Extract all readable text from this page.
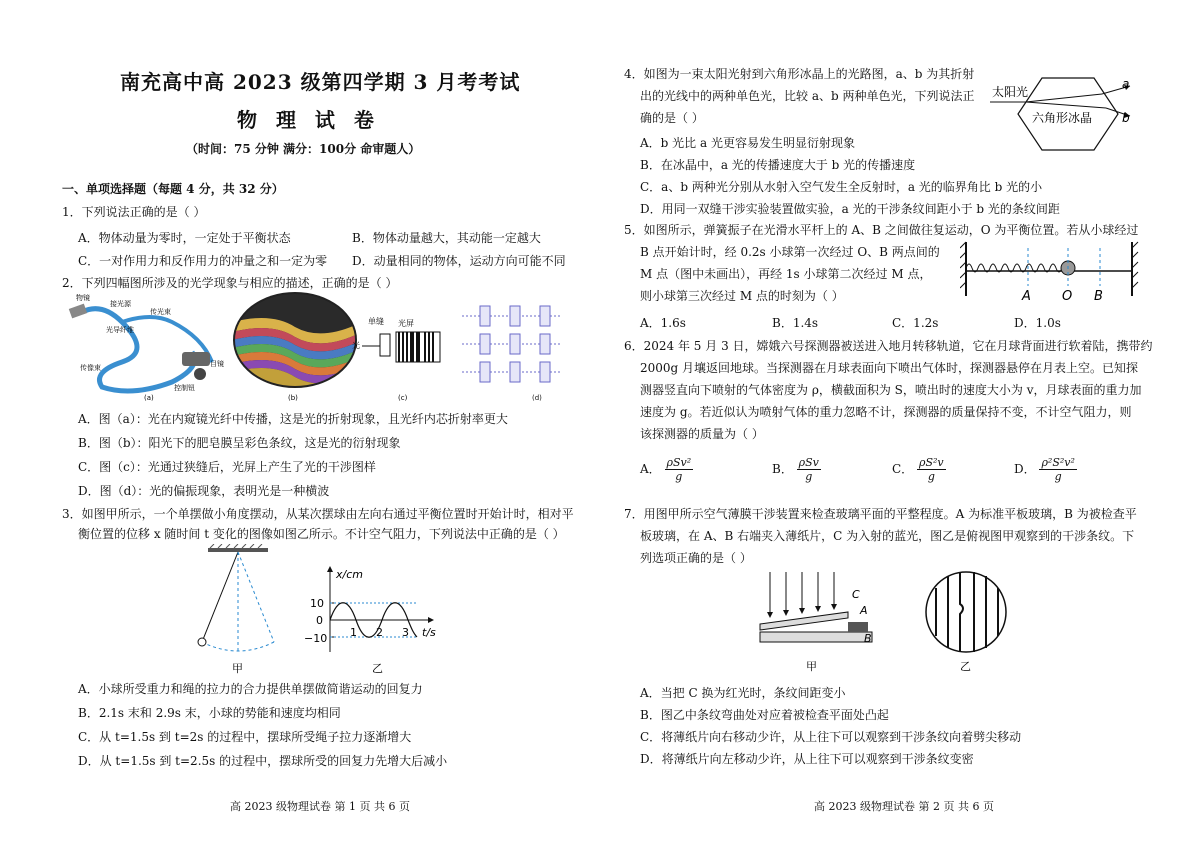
南充高中高 2023 级第四学期 3 月考考试
物 理 试 卷
（时间：75 分钟 满分：100分 命审题人）
一、单项选择题（每题 4 分，共 32 分）
1．下列说法正确的是（ ）
A．物体动量为零时，一定处于平衡状态	B．物体动量越大，其动能一定越大
C．一对作用力和反作用力的冲量之和一定为零 D．动量相同的物体，运动方向可能不同
2．下列四幅图所涉及的光学现象与相应的描述，正确的是（ ）
物镜
接光源
传光束
光导纤维
传像束	目镜
控制钮
(a)	(b)
单缝 光屏
光
(c)	(d)
A．图（a）：光在内窥镜光纤中传播，这是光的折射现象，且光纤内芯折射率更大
B．图（b）：阳光下的肥皂膜呈彩色条纹，这是光的衍射现象
C．图（c）：光通过狭缝后，光屏上产生了光的干涉图样
D．图（d）：光的偏振现象，表明光是一种横波
3．如图甲所示，一个单摆做小角度摆动，从某次摆球由左向右通过平衡位置时开始计时，相对平
衡位置的位移 x 随时间 t 变化的图像如图乙所示。不计空气阻力，下列说法中正确的是（ ）
甲
x/cm
t/s
10
0
−10 1 2 3
乙
A．小球所受重力和绳的拉力的合力提供单摆做简谐运动的回复力
B．2.1s 末和 2.9s 末，小球的势能和速度均相同
C．从 t=1.5s 到 t=2s 的过程中，摆球所受绳子拉力逐渐增大
D．从 t=1.5s 到 t=2.5s 的过程中，摆球所受的回复力先增大后减小
高 2023 级物理试卷 第 1 页 共 6 页
4．如图为一束太阳光射到六角形冰晶上的光路图，a、b 为其折射
出的光线中的两种单色光，比较 a、b 两种单色光，下列说法正
确的是（ ）
太阳光
六角形冰晶
a
b
A．b 光比 a 光更容易发生明显衍射现象
B．在冰晶中，a 光的传播速度大于 b 光的传播速度
C．a、b 两种光分别从水射入空气发生全反射时，a 光的临界角比 b 光的小
D．用同一双缝干涉实验装置做实验，a 光的干涉条纹间距小于 b 光的条纹间距
5．如图所示，弹簧振子在光滑水平杆上的 A、B 之间做往复运动，O 为平衡位置。若从小球经过
B 点开始计时，经 0.2s 小球第一次经过 O、B 两点间的
M 点（图中未画出），再经 1s 小球第二次经过 M 点，
则小球第三次经过 M 点的时刻为（ ）	A O B
A．1.6s	B．1.4s	C．1.2s	D．1.0s
6．2024 年 5 月 3 日，嫦娥六号探测器被送进入地月转移轨道，它在月球背面进行软着陆，携带约
2000g 月壤返回地球。当探测器在月球表面向下喷出气体时，探测器悬停在月表上空。已知探
测器竖直向下喷射的气体密度为 ρ，横截面积为 S，喷出时的速度大小为 v，月球表面的重力加
速度为 g。若近似认为喷射气体的重力忽略不计，探测器的质量保持不变，不计空气阻力，则
该探测器的质量为（ ）
A． $\frac{\text{ρSv²}}{g}$	B． $\frac{\text{ρSv}}{g}$	C． $\frac{\text{ρS²v}}{g}$	D． $\frac{\text{ρ²S²v²}}{g}$
7．用图甲所示空气薄膜干涉装置来检查玻璃平面的平整程度。A 为标准平板玻璃，B 为被检查平
板玻璃，在 A、B 右端夹入薄纸片，C 为入射的蓝光，图乙是俯视图甲观察到的干涉条纹。下
列选项正确的是（ ）
C
A
B
甲	乙
A．当把 C 换为红光时，条纹间距变小
B．图乙中条纹弯曲处对应着被检查平面处凸起
C．将薄纸片向右移动少许，从上往下可以观察到干涉条纹向着劈尖移动
D．将薄纸片向左移动少许，从上往下可以观察到干涉条纹变密
高 2023 级物理试卷 第 2 页 共 6 页
